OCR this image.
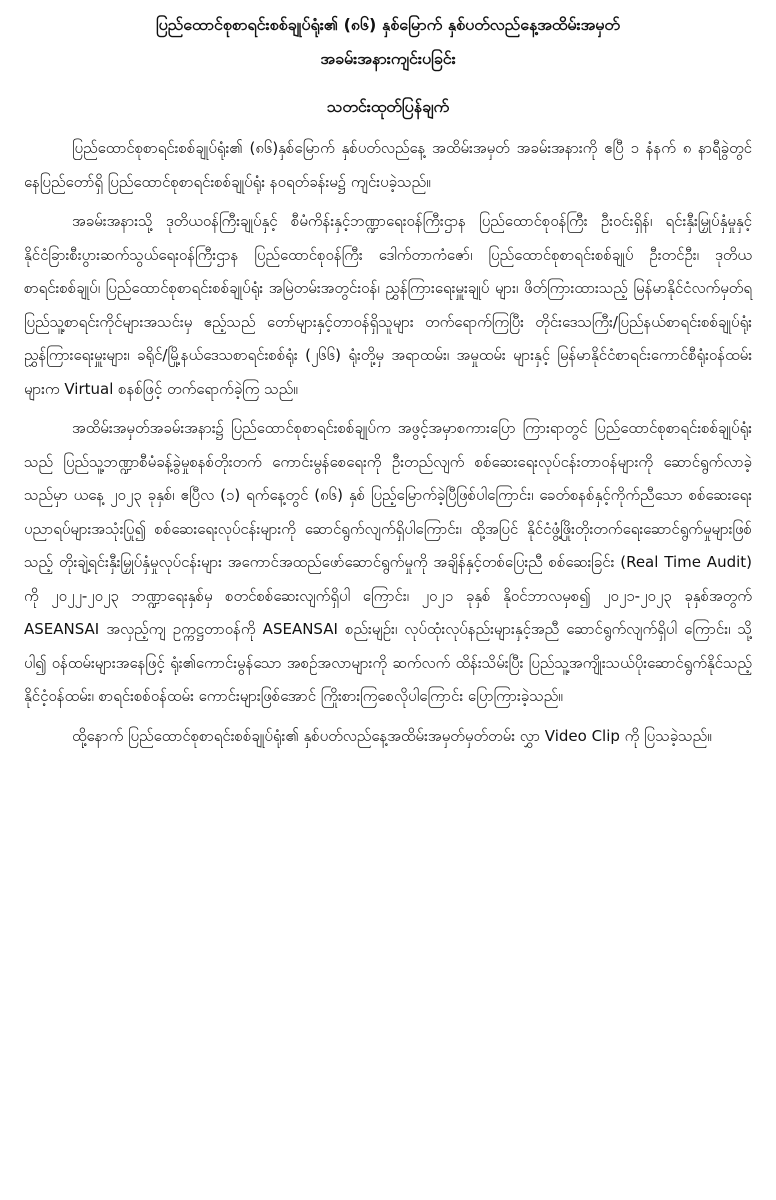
ပြည်ထောင်စုစာရင်းစစ်ချုပ်ရုံး၏ (၈၆) နှစ်မြောက် နှစ်ပတ်လည်နေ့အထိမ်းအမှတ်

အခမ်းအနားကျင်းပခြင်း

သတင်းထုတ်ပြန်ချက်

ပြည်ထောင်စုစာရင်းစစ်ချုပ်ရုံး၏ (၈၆)နှစ်မြောက် နှစ်ပတ်လည်နေ့ အထိမ်းအမှတ် အခမ်းအနားကို ဧပြီ ၁ နံနက် ၈ နာရီခွဲတွင် နေပြည်တော်ရှိ ပြည်ထောင်စုစာရင်းစစ်ချုပ်ရုံး နဝရတ်ခန်းမ၌ ကျင်းပခဲ့သည်။

အခမ်းအနားသို့ ဒုတိယဝန်ကြီးချုပ်နှင့် စီမံကိန်းနှင့်ဘဏ္ဍာရေးဝန်ကြီးဌာန ပြည်ထောင်စုဝန်ကြီး ဦးဝင်းရှိန်၊ ရင်းနှီးမြှုပ်နှံမှုနှင့်နိုင်ငံခြားစီးပွားဆက်သွယ်ရေးဝန်ကြီးဌာန ပြည်ထောင်စုဝန်ကြီး ဒေါက်တာကံဇော်၊ ပြည်ထောင်စုစာရင်းစစ်ချုပ် ဦးတင်ဦး၊ ဒုတိယ စာရင်းစစ်ချုပ်၊ ပြည်ထောင်စုစာရင်းစစ်ချုပ်ရုံး အမြဲတမ်းအတွင်းဝန်၊ ညွှန်ကြားရေးမှူးချုပ် များ၊ ဖိတ်ကြားထားသည့် မြန်မာနိုင်ငံလက်မှတ်ရပြည်သူ့စာရင်းကိုင်များအသင်းမှ ဧည့်သည် တော်များနှင့်တာဝန်ရှိသူများ တက်ရောက်ကြပြီး တိုင်းဒေသကြီး/ပြည်နယ်စာရင်းစစ်ချုပ်ရုံး ညွှန်ကြားရေးမှူးများ၊ ခရိုင်/မြို့နယ်ဒေသစာရင်းစစ်ရုံး (၂၆၆) ရုံးတို့မှ အရာထမ်း၊ အမှုထမ်း များနှင့် မြန်မာနိုင်ငံစာရင်းကောင်စီရုံးဝန်ထမ်းများက Virtual စနစ်ဖြင့် တက်ရောက်ခဲ့ကြ သည်။

အထိမ်းအမှတ်အခမ်းအနား၌ ပြည်ထောင်စုစာရင်းစစ်ချုပ်က အဖွင့်အမှာစကားပြော ကြားရာတွင် ပြည်ထောင်စုစာရင်းစစ်ချုပ်ရုံးသည် ပြည်သူ့ဘဏ္ဍာစီမံခန့်ခွဲမှုစနစ်တိုးတက် ကောင်းမွန်စေရေးကို ဦးတည်လျက် စစ်ဆေးရေးလုပ်ငန်းတာဝန်များကို ဆောင်ရွက်လာခဲ့ သည်မှာ ယနေ့ ၂၀၂၃ ခုနှစ်၊ ဧပြီလ (၁) ရက်နေ့တွင် (၈၆) နှစ် ပြည့်မြောက်ခဲ့ပြီဖြစ်ပါကြောင်း၊ ခေတ်စနစ်နှင့်ကိုက်ညီသော စစ်ဆေးရေးပညာရပ်များအသုံးပြု၍ စစ်ဆေးရေးလုပ်ငန်းများကို ဆောင်ရွက်လျက်ရှိပါကြောင်း၊ ထို့အပြင် နိုင်ငံဖွံ့ဖြိုးတိုးတက်ရေးဆောင်ရွက်မှုများဖြစ်သည့် တိုးချဲ့ရင်းနှီးမြှုပ်နှံမှုလုပ်ငန်းများ အကောင်အထည်ဖော်ဆောင်ရွက်မှုကို အချိန်နှင့်တစ်ပြေးညီ စစ်ဆေးခြင်း (Real Time Audit) ကို ၂၀၂၂-၂၀၂၃ ဘဏ္ဍာရေးနှစ်မှ စတင်စစ်ဆေးလျက်ရှိပါ ကြောင်း၊ ၂၀၂၁ ခုနှစ် နိုဝင်ဘာလမှစ၍ ၂၀၂၁-၂၀၂၃ ခုနှစ်အတွက် ASEANSAI အလှည့်ကျ ဥက္ကဋ္ဌတာဝန်ကို ASEANSAI စည်းမျဉ်း၊ လုပ်ထုံးလုပ်နည်းများနှင့်အညီ ဆောင်ရွက်လျက်ရှိပါ ကြောင်း၊ သို့ပါ၍ ဝန်ထမ်းများအနေဖြင့် ရုံး၏ကောင်းမွန်သော အစဉ်အလာများကို ဆက်လက် ထိန်းသိမ်းပြီး ပြည်သူ့အကျိုးသယ်ပိုးဆောင်ရွက်နိုင်သည့် နိုင်ငံ့ဝန်ထမ်း၊ စာရင်းစစ်ဝန်ထမ်း ကောင်းများဖြစ်အောင် ကြိုးစားကြစေလိုပါကြောင်း ပြောကြားခဲ့သည်။

ထို့နောက် ပြည်ထောင်စုစာရင်းစစ်ချုပ်ရုံး၏ နှစ်ပတ်လည်နေ့အထိမ်းအမှတ်မှတ်တမ်း လွှာ Video Clip ကို ပြသခဲ့သည်။
